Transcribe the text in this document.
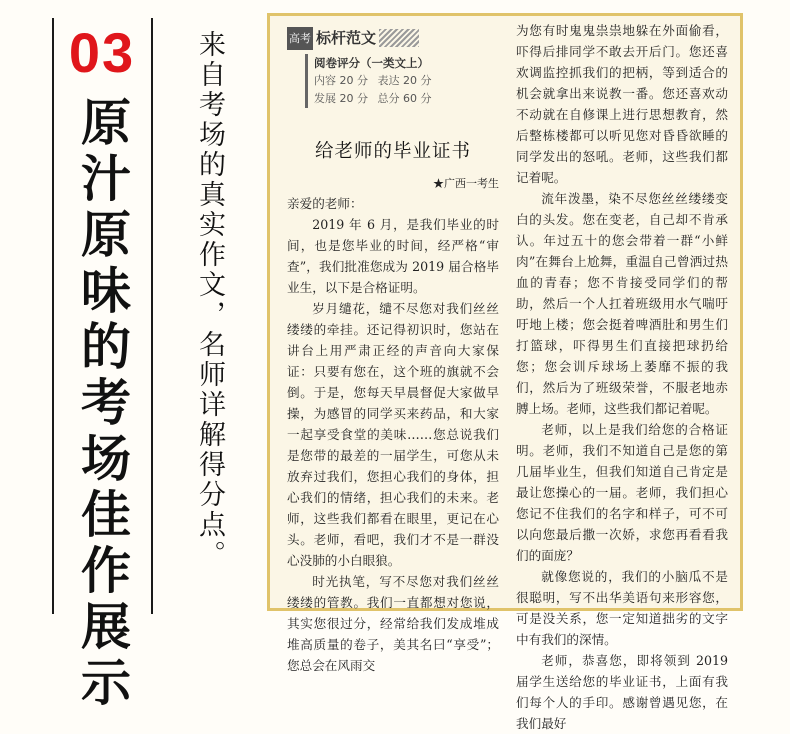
03
原汁原味的考场佳作展示 来自考场的真实作文，名师详解得分点。	高考 标杆范文
阅卷评分（一类文上）
内容 20 分 表达 20 分
发展 20 分 总分 60 分
给老师的毕业证书
★广西一考生

亲爱的老师：

2019 年 6 月，是我们毕业的时间，也是您毕业的时间，经严格“审查”，我们批准您成为 2019 届合格毕业生，以下是合格证明。

岁月缱花，缱不尽您对我们丝丝缕缕的牵挂。还记得初识时，您站在讲台上用严肃正经的声音向大家保证：只要有您在，这个班的旗就不会倒。于是，您每天早晨督促大家做早操，为感冒的同学买来药品，和大家一起享受食堂的美味……您总说我们是您带的最差的一届学生，可您从未放弃过我们，您担心我们的身体，担心我们的情绪，担心我们的未来。老师，这些我们都看在眼里，更记在心头。老师，看吧，我们才不是一群没心没肺的小白眼狼。

时光执笔，写不尽您对我们丝丝缕缕的管教。我们一直都想对您说，其实您很过分，经常给我们发成堆成堆高质量的卷子，美其名曰“享受”；您总会在风雨交

为您有时鬼鬼祟祟地躲在外面偷看，吓得后排同学不敢去开后门。您还喜欢调监控抓我们的把柄，等到适合的机会就拿出来说教一番。您还喜欢动不动就在自修课上进行思想教育，然后整栋楼都可以听见您对昏昏欲睡的同学发出的怒吼。老师，这些我们都记着呢。

流年泼墨，染不尽您丝丝缕缕变白的头发。您在变老，自己却不肯承认。年过五十的您会带着一群“小鲜肉”在舞台上尬舞，重温自己曾洒过热血的青春；您不肯接受同学们的帮助，然后一个人扛着班级用水气喘吁吁地上楼；您会挺着啤酒肚和男生们打篮球，吓得男生们直接把球扔给您；您会训斥球场上萎靡不振的我们，然后为了班级荣誉，不服老地赤膊上场。老师，这些我们都记着呢。

老师，以上是我们给您的合格证明。老师，我们不知道自己是您的第几届毕业生，但我们知道自己肯定是最让您操心的一届。老师，我们担心您记不住我们的名字和样子，可不可以向您最后撒一次娇，求您再看看我们的面庞？

就像您说的，我们的小脑瓜不是很聪明，写不出华美语句来形容您，可是没关系，您一定知道拙劣的文字中有我们的深情。

老师，恭喜您，即将领到 2019 届学生送给您的毕业证书，上面有我们每个人的手印。感谢曾遇见您，在我们最好
